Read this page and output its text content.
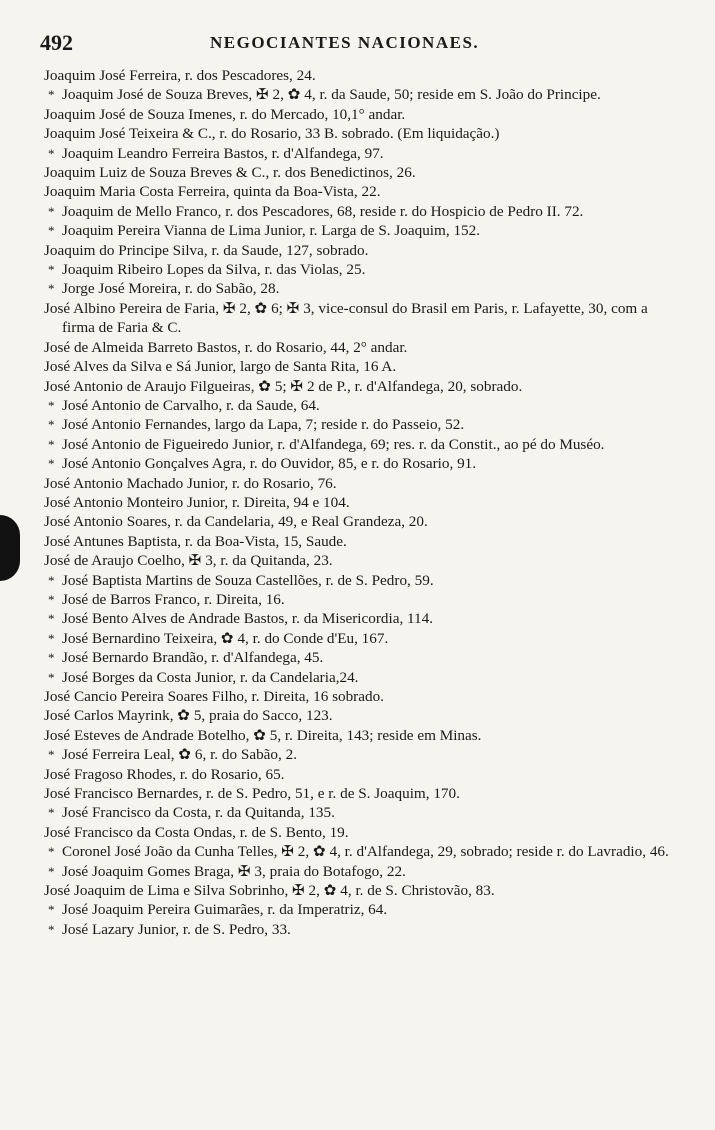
492	NEGOCIANTES NACIONAES.
Joaquim José Ferreira, r. dos Pescadores, 24.
* Joaquim José de Souza Breves, ✠ 2, ✿ 4, r. da Saude, 50; reside em S. João do Principe.
Joaquim José de Souza Imenes, r. do Mercado, 10,1° andar.
Joaquim José Teixeira & C., r. do Rosario, 33 B. sobrado. (Em liquidação.)
* Joaquim Leandro Ferreira Bastos, r. d'Alfandega, 97.
Joaquim Luiz de Souza Breves & C., r. dos Benedictinos, 26.
Joaquim Maria Costa Ferreira, quinta da Boa-Vista, 22.
* Joaquim de Mello Franco, r. dos Pescadores, 68, reside r. do Hospicio de Pedro II. 72.
* Joaquim Pereira Vianna de Lima Junior, r. Larga de S. Joaquim, 152.
Joaquim do Principe Silva, r. da Saude, 127, sobrado.
* Joaquim Ribeiro Lopes da Silva, r. das Violas, 25.
* Jorge José Moreira, r. do Sabão, 28.
José Albino Pereira de Faria, ✠ 2, ✿ 6; ✠ 3, vice-consul do Brasil em Paris, r. Lafayette, 30, com a firma de Faria & C.
José de Almeida Barreto Bastos, r. do Rosario, 44, 2° andar.
José Alves da Silva e Sá Junior, largo de Santa Rita, 16 A.
José Antonio de Araujo Filgueiras, ✿ 5; ✠ 2 de P., r. d'Alfandega, 20, sobrado.
* José Antonio de Carvalho, r. da Saude, 64.
* José Antonio Fernandes, largo da Lapa, 7; reside r. do Passeio, 52.
* José Antonio de Figueiredo Junior, r. d'Alfandega, 69; res. r. da Constit., ao pé do Muséo.
* José Antonio Gonçalves Agra, r. do Ouvidor, 85, e r. do Rosario, 91.
José Antonio Machado Junior, r. do Rosario, 76.
José Antonio Monteiro Junior, r. Direita, 94 e 104.
José Antonio Soares, r. da Candelaria, 49, e Real Grandeza, 20.
José Antunes Baptista, r. da Boa-Vista, 15, Saude.
José de Araujo Coelho, ✠ 3, r. da Quitanda, 23.
* José Baptista Martins de Souza Castellões, r. de S. Pedro, 59.
* José de Barros Franco, r. Direita, 16.
* José Bento Alves de Andrade Bastos, r. da Misericordia, 114.
* José Bernardino Teixeira, ✿ 4, r. do Conde d'Eu, 167.
* José Bernardo Brandão, r. d'Alfandega, 45.
* José Borges da Costa Junior, r. da Candelaria,24.
José Cancio Pereira Soares Filho, r. Direita, 16 sobrado.
José Carlos Mayrink, ✿ 5, praia do Sacco, 123.
José Esteves de Andrade Botelho, ✿ 5, r. Direita, 143; reside em Minas.
* José Ferreira Leal, ✿ 6, r. do Sabão, 2.
José Fragoso Rhodes, r. do Rosario, 65.
José Francisco Bernardes, r. de S. Pedro, 51, e r. de S. Joaquim, 170.
* José Francisco da Costa, r. da Quitanda, 135.
José Francisco da Costa Ondas, r. de S. Bento, 19.
* Coronel José João da Cunha Telles, ✠ 2, ✿ 4, r. d'Alfandega, 29, sobrado; reside r. do Lavradio, 46.
* José Joaquim Gomes Braga, ✠ 3, praia do Botafogo, 22.
José Joaquim de Lima e Silva Sobrinho, ✠ 2, ✿ 4, r. de S. Christovão, 83.
* José Joaquim Pereira Guimarães, r. da Imperatriz, 64.
* José Lazary Junior, r. de S. Pedro, 33.
